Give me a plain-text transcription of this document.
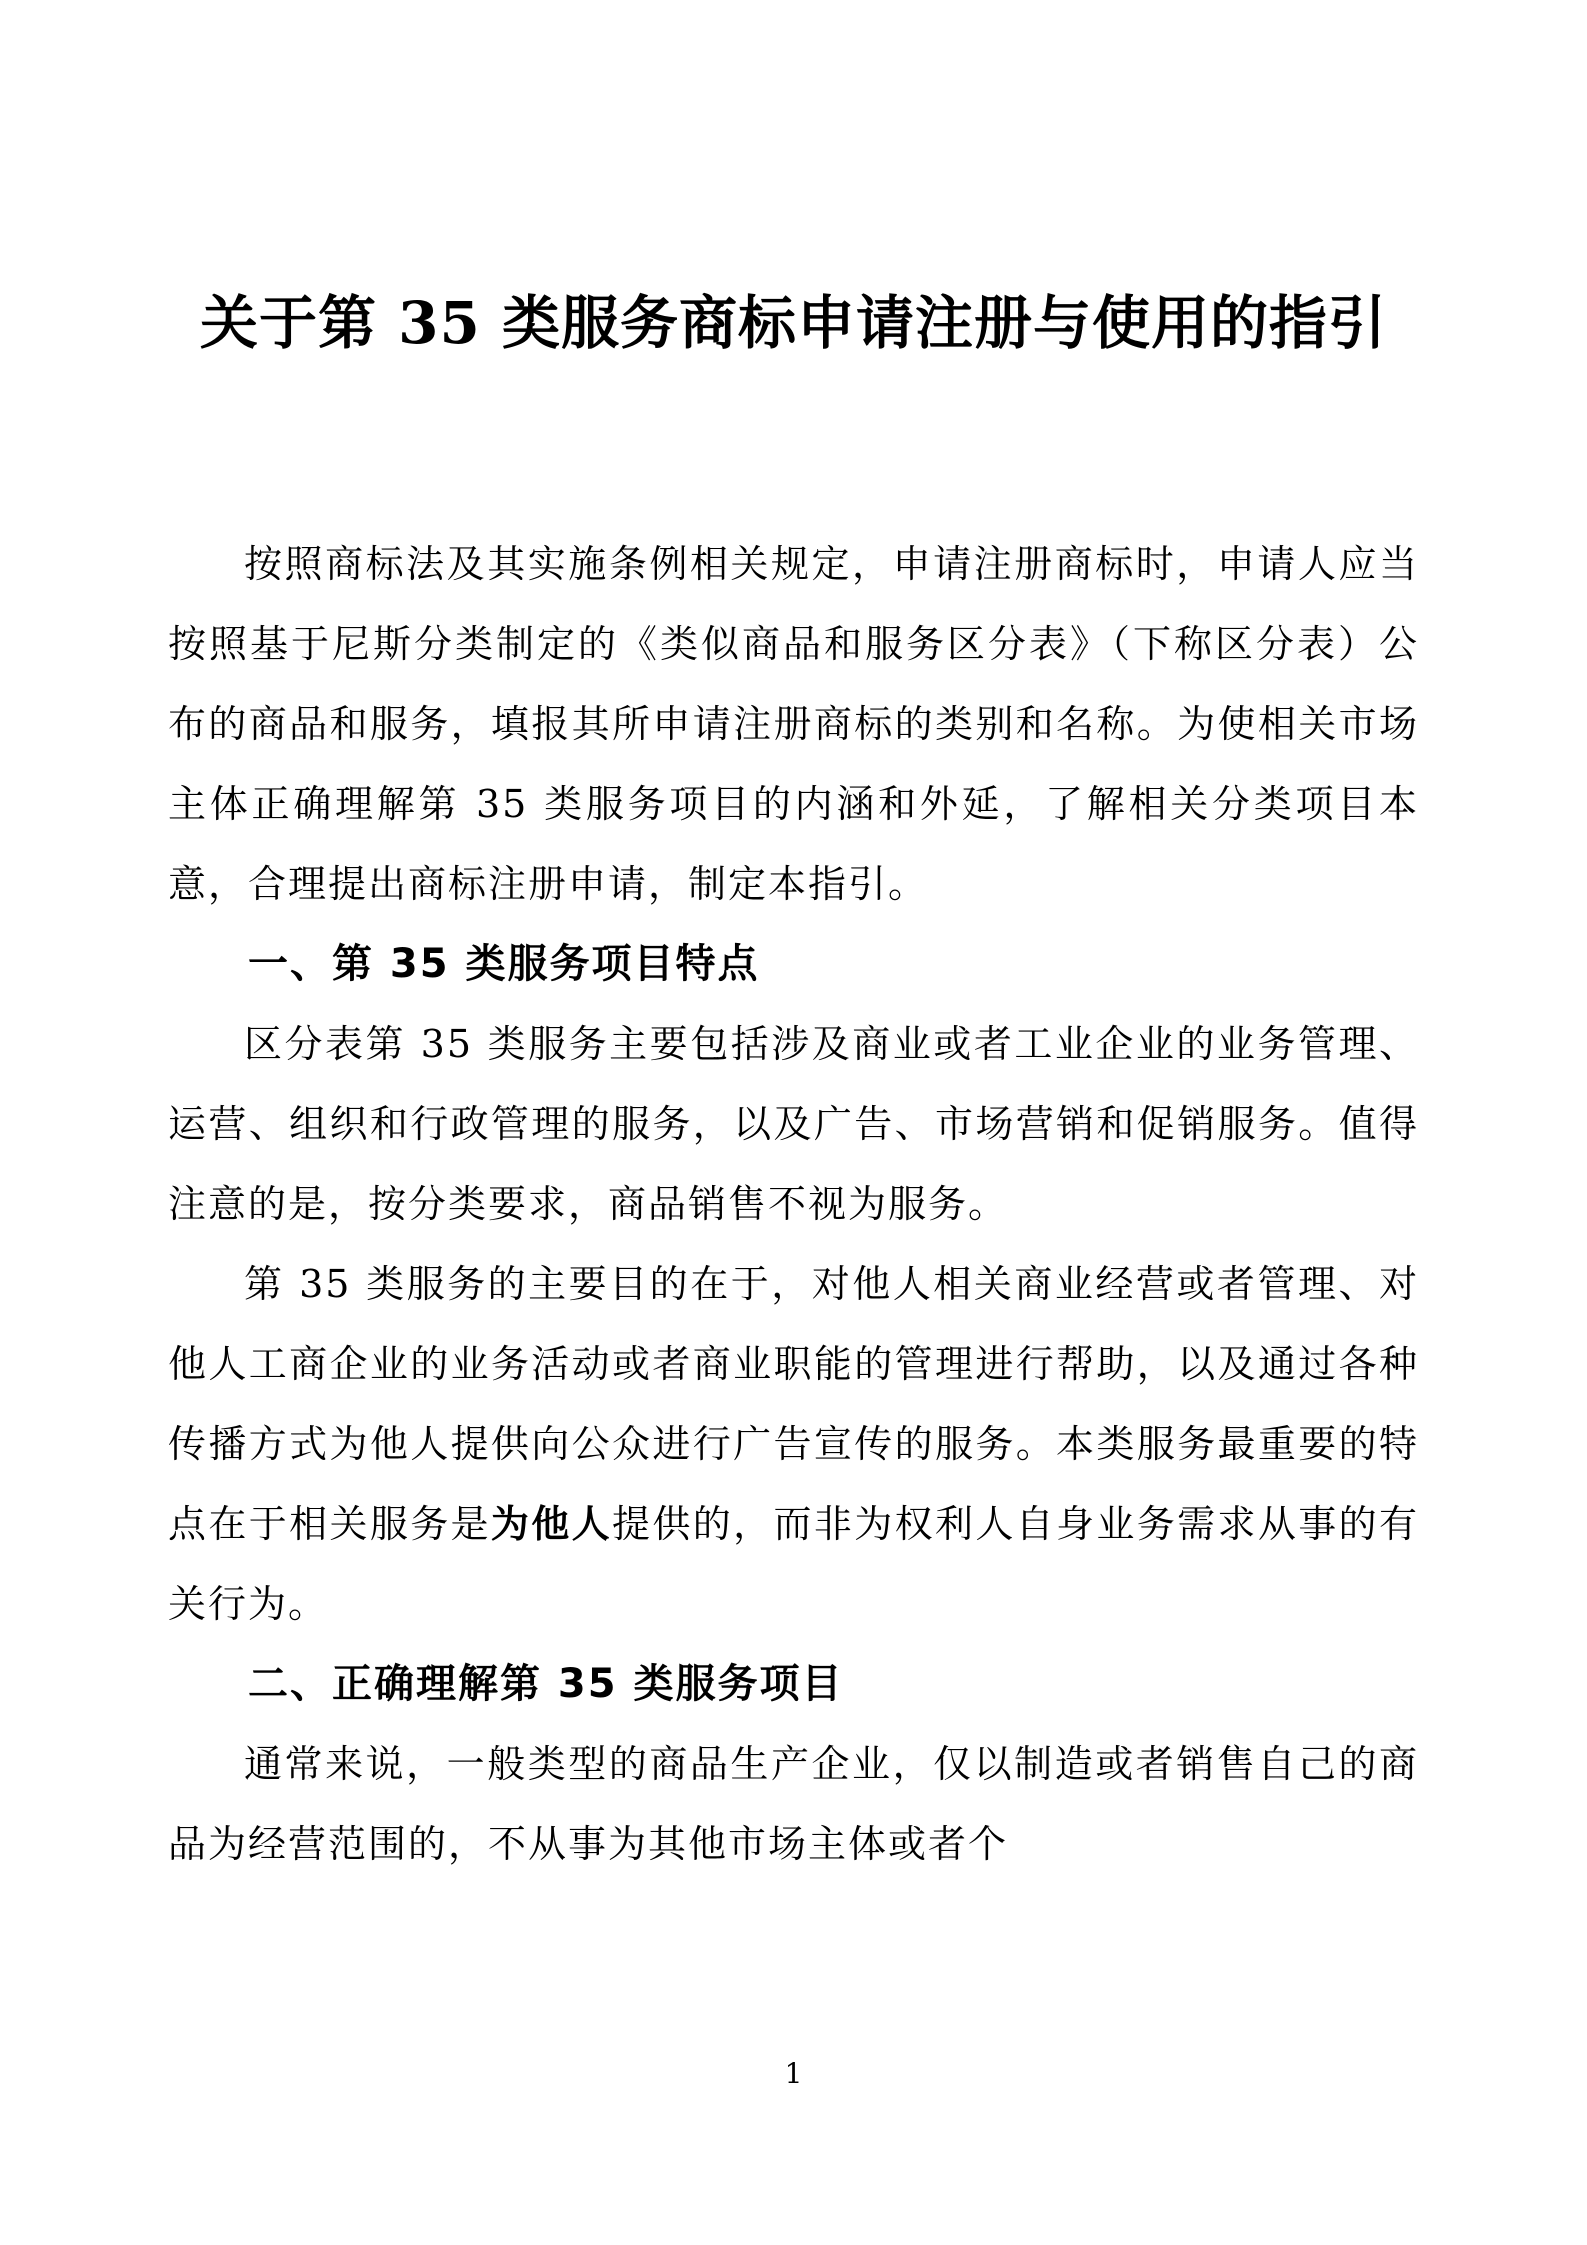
关于第 35 类服务商标申请注册与使用的指引

按照商标法及其实施条例相关规定，申请注册商标时，申请人应当按照基于尼斯分类制定的《类似商品和服务区分表》（下称区分表）公布的商品和服务，填报其所申请注册商标的类别和名称。为使相关市场主体正确理解第 35 类服务项目的内涵和外延，了解相关分类项目本意，合理提出商标注册申请，制定本指引。

一、第 35 类服务项目特点

区分表第 35 类服务主要包括涉及商业或者工业企业的业务管理、运营、组织和行政管理的服务，以及广告、市场营销和促销服务。值得注意的是，按分类要求，商品销售不视为服务。

第 35 类服务的主要目的在于，对他人相关商业经营或者管理、对他人工商企业的业务活动或者商业职能的管理进行帮助，以及通过各种传播方式为他人提供向公众进行广告宣传的服务。本类服务最重要的特点在于相关服务是为他人提供的，而非为权利人自身业务需求从事的有关行为。

二、正确理解第 35 类服务项目

通常来说，一般类型的商品生产企业，仅以制造或者销售自己的商品为经营范围的，不从事为其他市场主体或者个

1
